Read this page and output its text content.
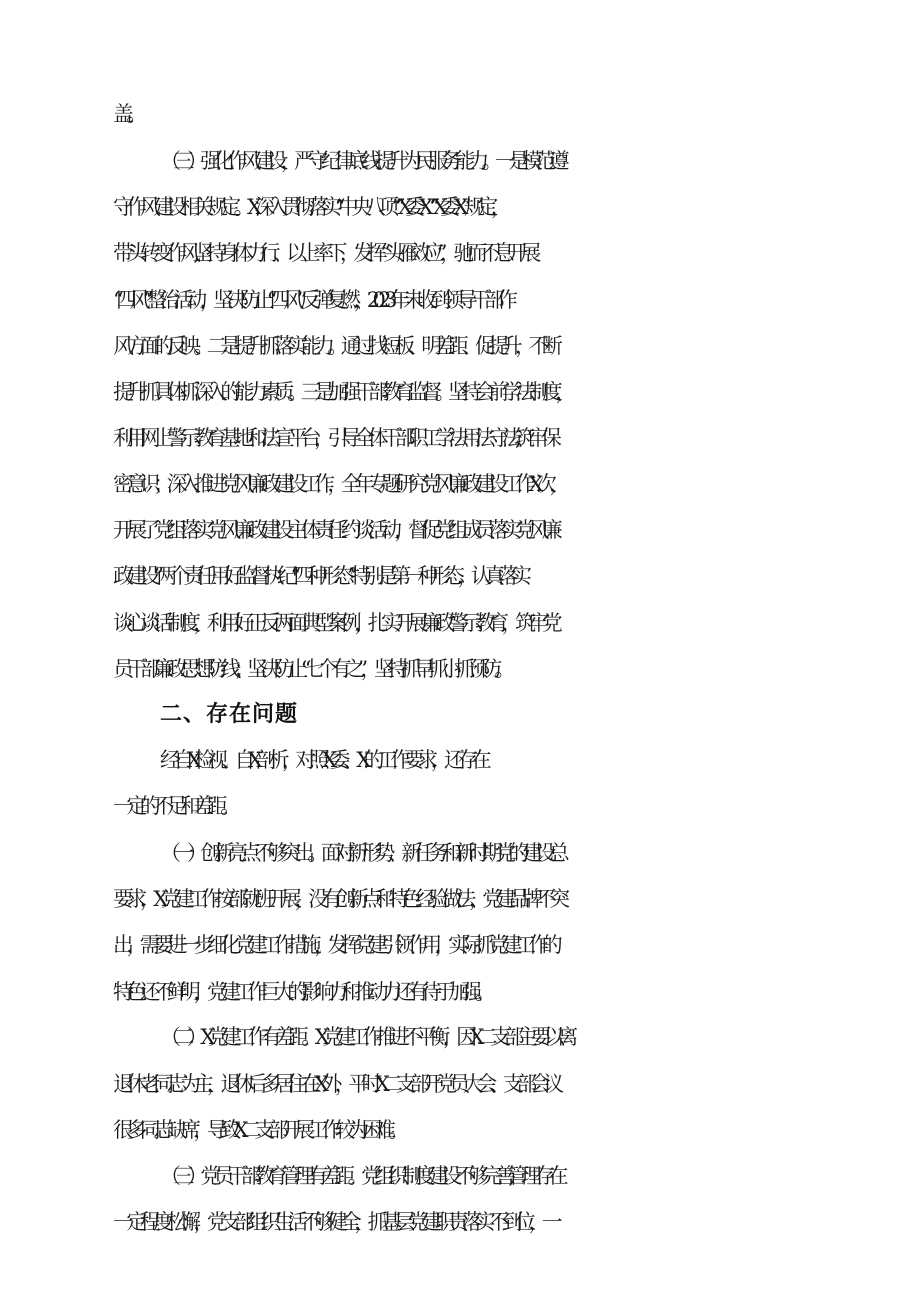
盖。

（三）强化作风建设，严守纪律底线提升为民服务能力。一是模范遵

守作风建设相关规定。X深入贯彻落实“中央八项”“X委X”“X委X”规定，

带头转变作风,坚持身体力行、以上率下，发挥“头雁效应”，驰而不息开展

“四风”整治活动，坚决防止“四风”反弹复燃，2023年未收到领导干部作

风方面的反映。二是提升抓落实能力。通过找短板、明差距、促提升，不断

提升抓具体抓深入的能力素质。三是加强干部教育监督。坚持会前学法制度，

利用网上警示教育基地和法宣平台，引导全体干部职工学法用法守法,筑牢保

密意识；深入推进党风廉政建设工作，全年专题研究党风廉政建设工作X次，

开展了党组落实党风廉政建设主体责任约谈活动，督促党组成员落实党风廉

政建设”两个责任用好监督执纪“四种形态”特别是第一种形态，认真落实

谈心谈话制度，利用好正反两面典型案例，扎实开展廉政警示教育，筑牢党

员干部廉政思想防线；坚决防止“七个有之”，坚持抓早抓小抓预防。

二、存在问题

经自X检视、自X剖析，对照X委、X的工作要求，还存在

一定的不足和差距。

（一）创新亮点不够突出。面对新形势、新任务和新时期党的建设总

要求，X党建工作按部就班开展，没有创新点和特色经验做法，党建品牌不突

出，需要进一步细化党建工作措施，发挥党建引领作用，实际抓党建工作的

特色还不鲜明，党建工作巨大的影响力和推动力还有待于加强。

（二）X党建工作有差距。X党建工作推进不平衡，因X二支部主要以离

退休老同志为主，退休后多居住在X外，平时X二支部开党员大会、支部会议

很多同志缺席，导致X二支部开展工作较为困难。

（三）党员干部教育管理有差距。党组织制度建设不够完善,管理存在

一定程度松懈，党支部组织生活不够健全，抓基层党建职责落实不到位，一
